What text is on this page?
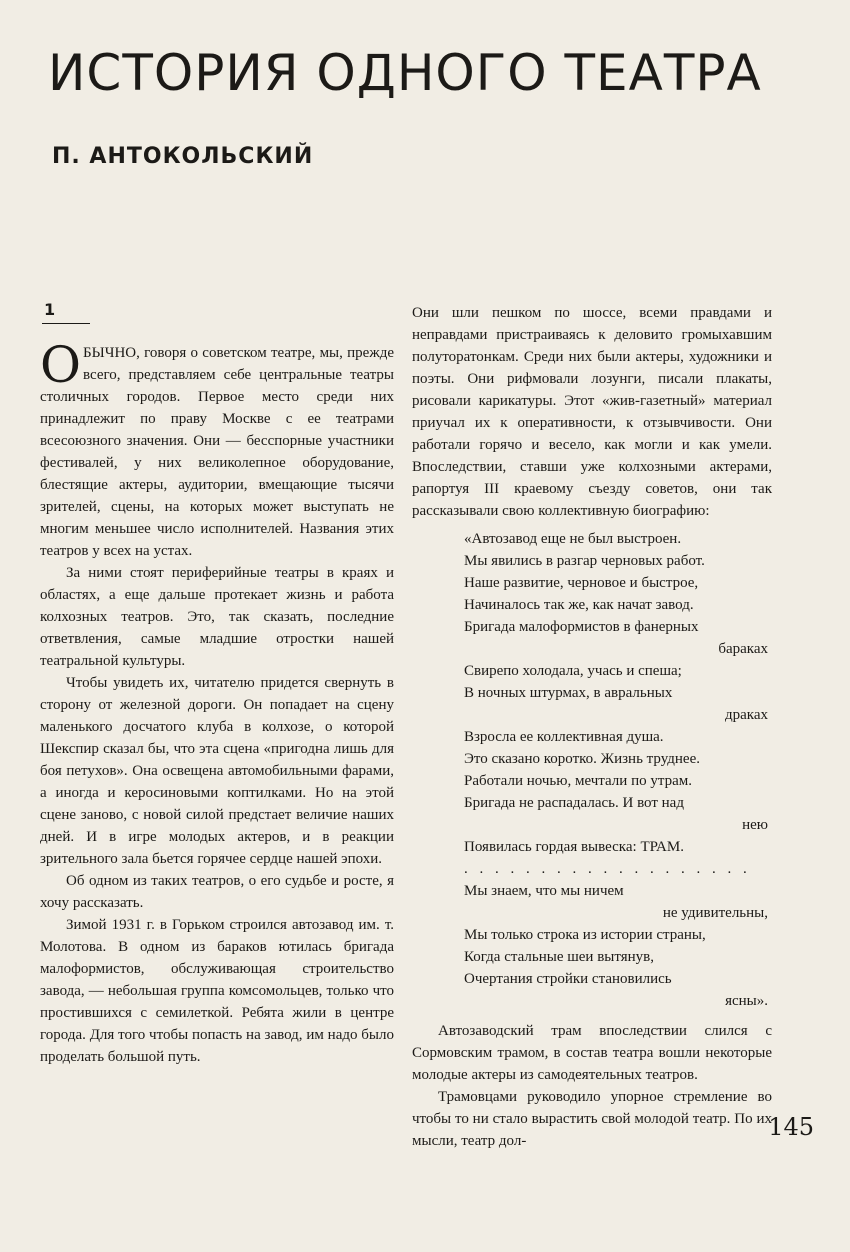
ИСТОРИЯ ОДНОГО ТЕАТРА
П. АНТОКОЛЬСКИЙ
1

ОБЫЧНО, говоря о советском театре, мы, прежде всего, представляем себе центральные театры столичных городов. Первое место среди них принадлежит по праву Москве с ее театрами всесоюзного значения. Они — бесспорные участники фестивалей, у них великолепное оборудование, блестящие актеры, аудитории, вмещающие тысячи зрителей, сцены, на которых может выступать не многим меньшее число исполнителей. Названия этих театров у всех на устах.

За ними стоят периферийные театры в краях и областях, а еще дальше протекает жизнь и работа колхозных театров. Это, так сказать, последние ответвления, самые младшие отростки нашей театральной культуры.

Чтобы увидеть их, читателю придется свернуть в сторону от железной дороги. Он попадает на сцену маленького досчатого клуба в колхозе, о которой Шекспир сказал бы, что эта сцена «пригодна лишь для боя петухов». Она освещена автомобильными фарами, а иногда и керосиновыми коптилками. Но на этой сцене заново, с новой силой предстает величие наших дней. И в игре молодых актеров, и в реакции зрительного зала бьется горячее сердце нашей эпохи.

Об одном из таких театров, о его судьбе и росте, я хочу рассказать.

Зимой 1931 г. в Горьком строился автозавод им. т. Молотова. В одном из бараков ютилась бригада малоформистов, обслуживающая строительство завода, — небольшая группа комсомольцев, только что простившихся с семилеткой. Ребята жили в центре города. Для того чтобы попасть на завод, им надо было проделать большой путь.

Они шли пешком по шоссе, всеми правдами и неправдами пристраиваясь к деловито громыхавшим полуторатонкам. Среди них были актеры, художники и поэты. Они рифмовали лозунги, писали плакаты, рисовали карикатуры. Этот «жив-газетный» материал приучал их к оперативности, к отзывчивости. Они работали горячо и весело, как могли и как умели. Впоследствии, ставши уже колхозными актерами, рапортуя III краевому съезду советов, они так рассказывали свою коллективную биографию:

«Автозавод еще не был выстроен.
Мы явились в разгар черновых работ.
Наше развитие, черновое и быстрое,
Начиналось так же, как начат завод.
Бригада малоформистов в фанерных
бараках
Свирепо холодала, учась и спеша;
В ночных штурмах, в авральных
драках
Взросла ее коллективная душа.
Это сказано коротко. Жизнь труднее.
Работали ночью, мечтали по утрам.
Бригада не распадалась. И вот над
нею
Появилась гордая вывеска: ТРАМ.
. . . . . . . . . . . . . . . . . . .
Мы знаем, что мы ничем
не удивительны,
Мы только строка из истории страны,
Когда стальные шеи вытянув,
Очертания стройки становились
ясны».

Автозаводский трам впоследствии слился с Сормовским трамом, в состав театра вошли некоторые молодые актеры из самодеятельных театров.

Трамовцами руководило упорное стремление во чтобы то ни стало вырастить свой молодой театр. По их мысли, театр дол-	145
